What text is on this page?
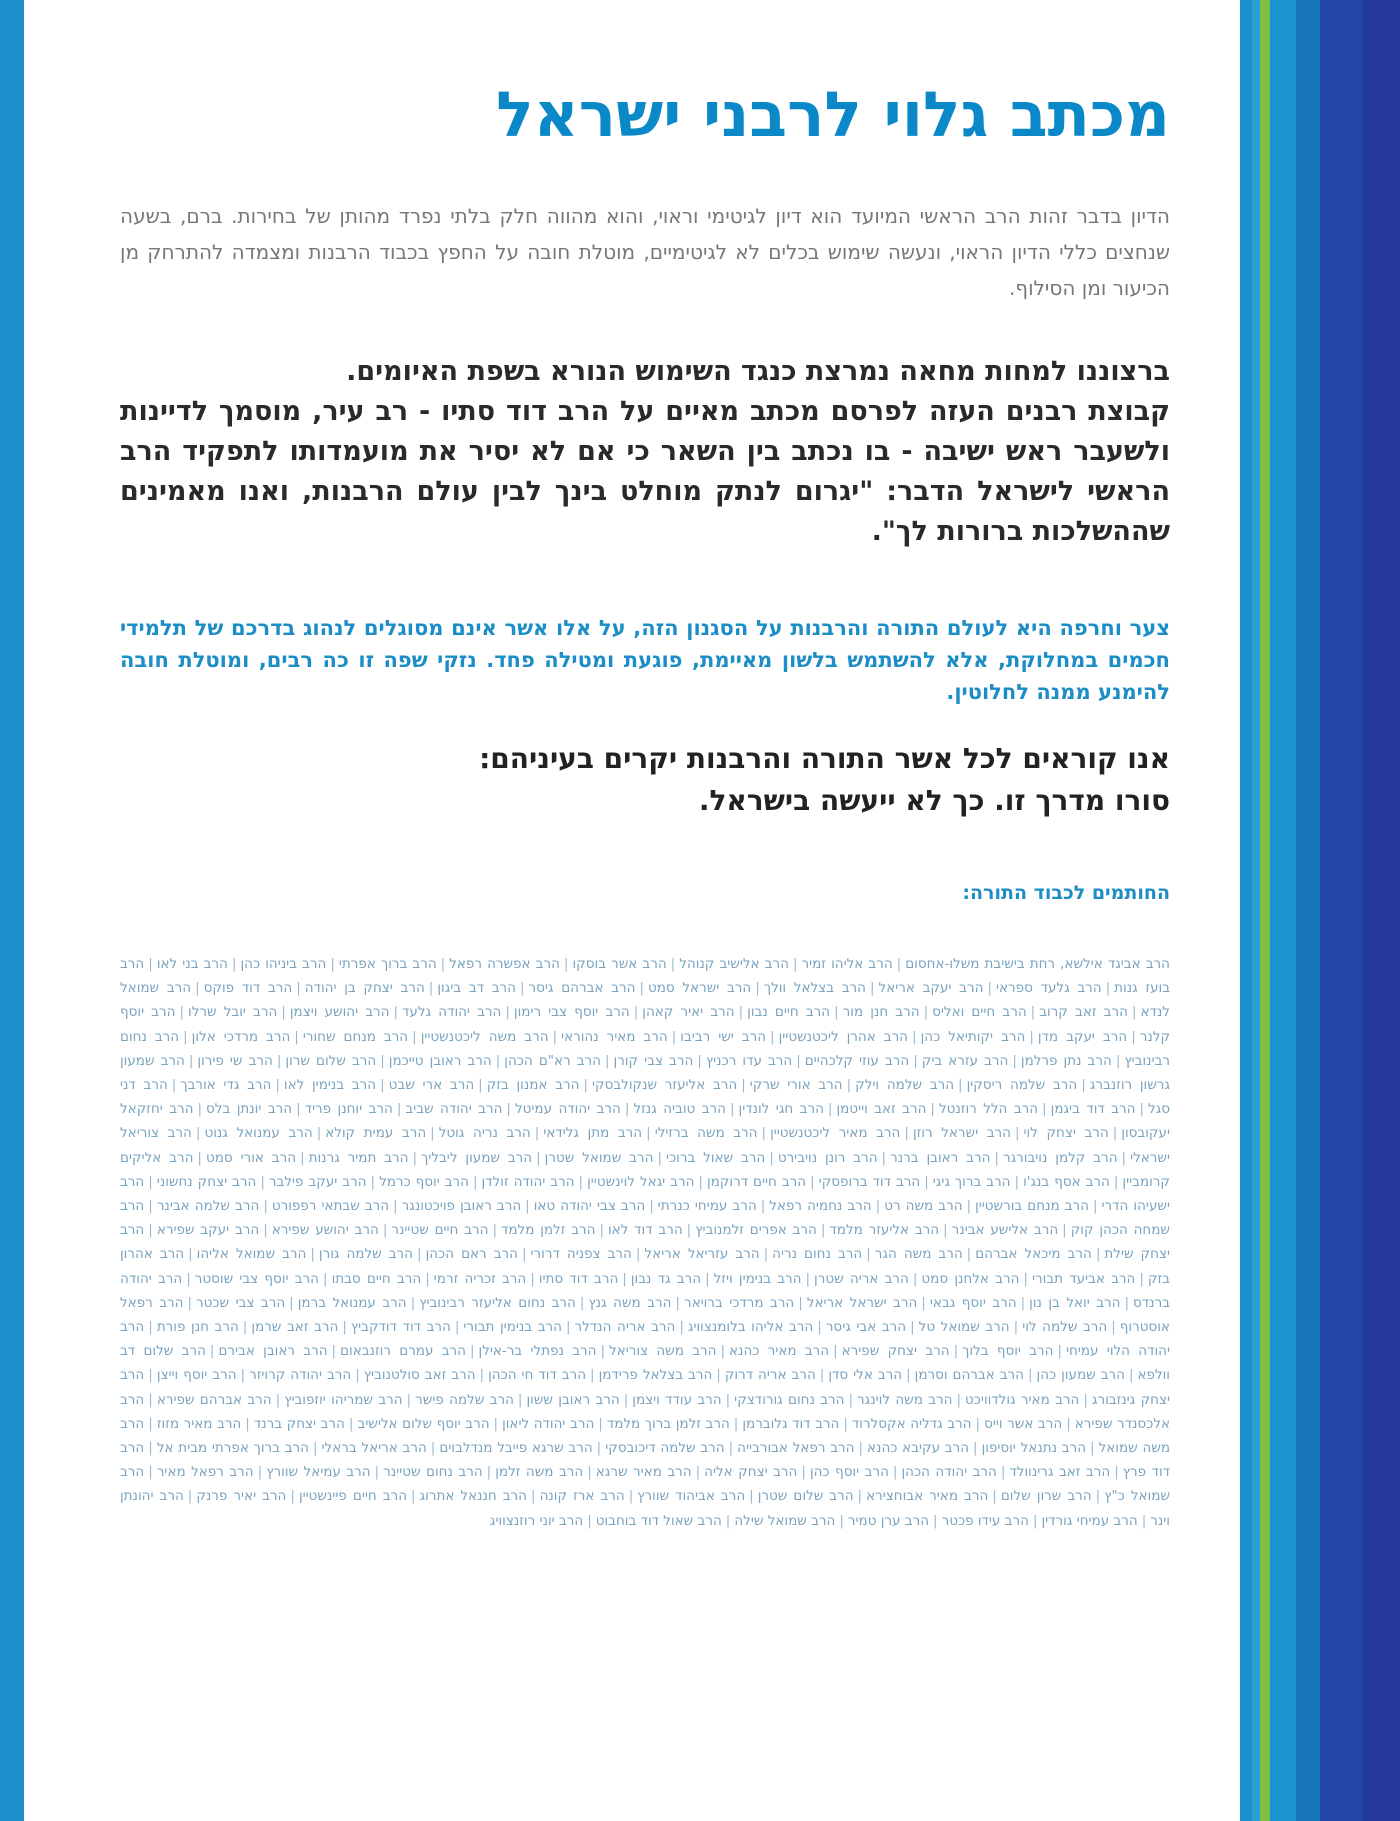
מכתב גלוי לרבני ישראל

הדיון בדבר זהות הרב הראשי המיועד הוא דיון לגיטימי וראוי, והוא מהווה חלק בלתי נפרד מהותן של בחירות. ברם, בשעה שנחצים כללי הדיון הראוי, ונעשה שימוש בכלים לא לגיטימיים, מוטלת חובה על החפץ בכבוד הרבנות ומצמדה להתרחק מן הכיעור ומן הסילוף.

ברצוננו למחות מחאה נמרצת כנגד השימוש הנורא בשפת האיומים.
קבוצת רבנים העזה לפרסם מכתב מאיים על הרב דוד סתיו - רב עיר, מוסמך לדיינות ולשעבר ראש ישיבה - בו נכתב בין השאר כי אם לא יסיר את מועמדותו לתפקיד הרב הראשי לישראל הדבר: "יגרום לנתק מוחלט בינך לבין עולם הרבנות, ואנו מאמינים שההשלכות ברורות לך".

צער וחרפה היא לעולם התורה והרבנות על הסגנון הזה, על אלו אשר אינם מסוגלים לנהוג בדרכם של תלמידי חכמים במחלוקת, אלא להשתמש בלשון מאיימת, פוגעת ומטילה פחד. נזקי שפה זו כה רבים, ומוטלת חובה להימנע ממנה לחלוטין.

אנו קוראים לכל אשר התורה והרבנות יקרים בעיניהם:
סורו מדרך זו. כך לא ייעשה בישראל.
החותמים לכבוד התורה:
הרב אביגד אילשא, רחת בישיבת משלו-אחסום|הרב אליהו זמיר|הרב אלישיב קנוהל|הרב אשר בוסקו|הרב אפשרה רפאל|הרב ברוך אפרתי|הרב ביניהו כהן|הרב בני לאו|הרב בועז גנות|הרב גלעד ספראי|הרב יעקב אריאל|הרב בצלאל וולך|הרב ישראל סמט|הרב אברהם גיסר|הרב דב ביגון|הרב יצחק בן יהודה|הרב דוד פוקס|הרב שמואל לנדא|הרב זאב קרוב|הרב חיים ואליס|הרב חנן מור|הרב חיים נבון|הרב יאיר קאהן|הרב יוסף צבי רימון|הרב יהודה גלעד|הרב יהושע ויצמן|הרב יובל שרלו|הרב יוסף קלנר|הרב יעקב מדן|הרב יקותיאל כהן|הרב אהרן ליכטנשטיין|הרב ישי רביבו|הרב מאיר נהוראי|הרב משה ליכטנשטיין|הרב מנחם שחורי|הרב מרדכי אלון|הרב נחום רבינוביץ|הרב נתן פרלמן|הרב עזרא ביק|הרב עוזי קלכהיים|הרב עדו רכניץ|הרב צבי קורן|הרב רא"ם הכהן|הרב ראובן טייכמן|הרב שלום שרון|הרב שי פירון|הרב שמעון גרשון רוזנברג|הרב שלמה ריסקין|הרב שלמה וילק|הרב אורי שרקי|הרב אליעזר שנקולבסקי|הרב אמנון בזק|הרב ארי שבט|הרב בנימין לאו|הרב גדי אורבך|הרב דני סגל|הרב דוד ביגמן|הרב הלל רוזנטל|הרב זאב וייטמן|הרב חגי לונדין|הרב טוביה גנזל|הרב יהודה עמיטל|הרב יהודה שביב|הרב יוחנן פריד|הרב יונתן בלס|הרב יחזקאל יעקובסון|הרב יצחק לוי|הרב ישראל רוזן|הרב מאיר ליכטנשטיין|הרב משה ברזילי|הרב מתן גלידאי|הרב נריה גוטל|הרב עמית קולא|הרב עמנואל גנוט|הרב צוריאל ישראלי|הרב קלמן נויבורגר|הרב ראובן ברנר|הרב רונן נויבירט|הרב שאול ברוכי|הרב שמואל שטרן|הרב שמעון ליבליך|הרב תמיר גרנות|הרב אורי סמט|הרב אליקים קרומביין|הרב אסף בנג'ו|הרב ברוך גיגי|הרב דוד ברופסקי|הרב חיים דרוקמן|הרב יגאל לוינשטיין|הרב יהודה זולדן|הרב יוסף כרמל|הרב יעקב פילבר|הרב יצחק נחשוני|הרב ישעיהו הדרי|הרב מנחם בורשטיין|הרב משה רט|הרב נחמיה רפאל|הרב עמיחי כנרתי|הרב צבי יהודה טאו|הרב ראובן פויכטונגר|הרב שבתאי רפפורט|הרב שלמה אבינר|הרב שמחה הכהן קוק|הרב אלישע אבינר|הרב אליעזר מלמד|הרב אפרים זלמנוביץ|הרב דוד לאו|הרב זלמן מלמד|הרב חיים שטיינר|הרב יהושע שפירא|הרב יעקב שפירא|הרב יצחק שילת|הרב מיכאל אברהם|הרב משה הגר|הרב נחום נריה|הרב עזריאל אריאל|הרב צפניה דרורי|הרב ראם הכהן|הרב שלמה גורן|הרב שמואל אליהו|הרב אהרון בזק|הרב אביעד תבורי|הרב אלחנן סמט|הרב אריה שטרן|הרב בנימין ויזל|הרב גד נבון|הרב דוד סתיו|הרב זכריה זרמי|הרב חיים סבתו|הרב יוסף צבי שוסטר|הרב יהודה ברנדס|הרב יואל בן נון|הרב יוסף גבאי|הרב ישראל אריאל|הרב מרדכי ברויאר|הרב משה גנץ|הרב נחום אליעזר רבינוביץ|הרב עמנואל ברמן|הרב צבי שכטר|הרב רפאל אוסטרוף|הרב שלמה לוי|הרב שמואל טל|הרב אבי גיסר|הרב אליהו בלומנצוויג|הרב אריה הנדלר|הרב בנימין תבורי|הרב דוד דודקביץ|הרב זאב שרמן|הרב חנן פורת|הרב יהודה הלוי עמיחי|הרב יוסף בלוך|הרב יצחק שפירא|הרב מאיר כהנא|הרב משה צוריאל|הרב נפתלי בר-אילן|הרב עמרם רוזנבאום|הרב ראובן אבירם|הרב שלום דב וולפא|הרב שמעון כהן|הרב אברהם וסרמן|הרב אלי סדן|הרב אריה דרוק|הרב בצלאל פרידמן|הרב דוד חי הכהן|הרב זאב סולטנוביץ|הרב יהודה קרויזר|הרב יוסף וייצן|הרב יצחק גינזבורג|הרב מאיר גולדוויכט|הרב משה לוינגר|הרב נחום גורודצקי|הרב עודד ויצמן|הרב ראובן ששון|הרב שלמה פישר|הרב שמריהו יוזפוביץ|הרב אברהם שפירא|הרב אלכסנדר שפירא|הרב אשר וייס|הרב גדליה אקסלרוד|הרב דוד גלוברמן|הרב זלמן ברוך מלמד|הרב יהודה ליאון|הרב יוסף שלום אלישיב|הרב יצחק ברנד|הרב מאיר מזוז|הרב משה שמואל|הרב נתנאל יוסיפון|הרב עקיבא כהנא|הרב רפאל אבורבייה|הרב שלמה דיכובסקי|הרב שרגא פייבל מנדלבוים|הרב אריאל בראלי|הרב ברוך אפרתי מבית אל|הרב דוד פרץ|הרב זאב גרינוולד|הרב יהודה הכהן|הרב יוסף כהן|הרב יצחק אליה|הרב מאיר שרגא|הרב משה זלמן|הרב נחום שטיינר|הרב עמיאל שוורץ|הרב רפאל מאיר|הרב שמואל כ"ץ|הרב שרון שלום|הרב מאיר אבוחצירא|הרב שלום שטרן|הרב אביהוד שוורץ|הרב ארז קונה|הרב חננאל אתרוג|הרב חיים פיינשטיין|הרב יאיר פרנק|הרב יהונתן וינר|הרב עמיחי גורדין|הרב עידו פכטר|הרב ערן טמיר|הרב שמואל שילה|הרב שאול דוד בוחבוט|הרב יוני רוזנצוויג
